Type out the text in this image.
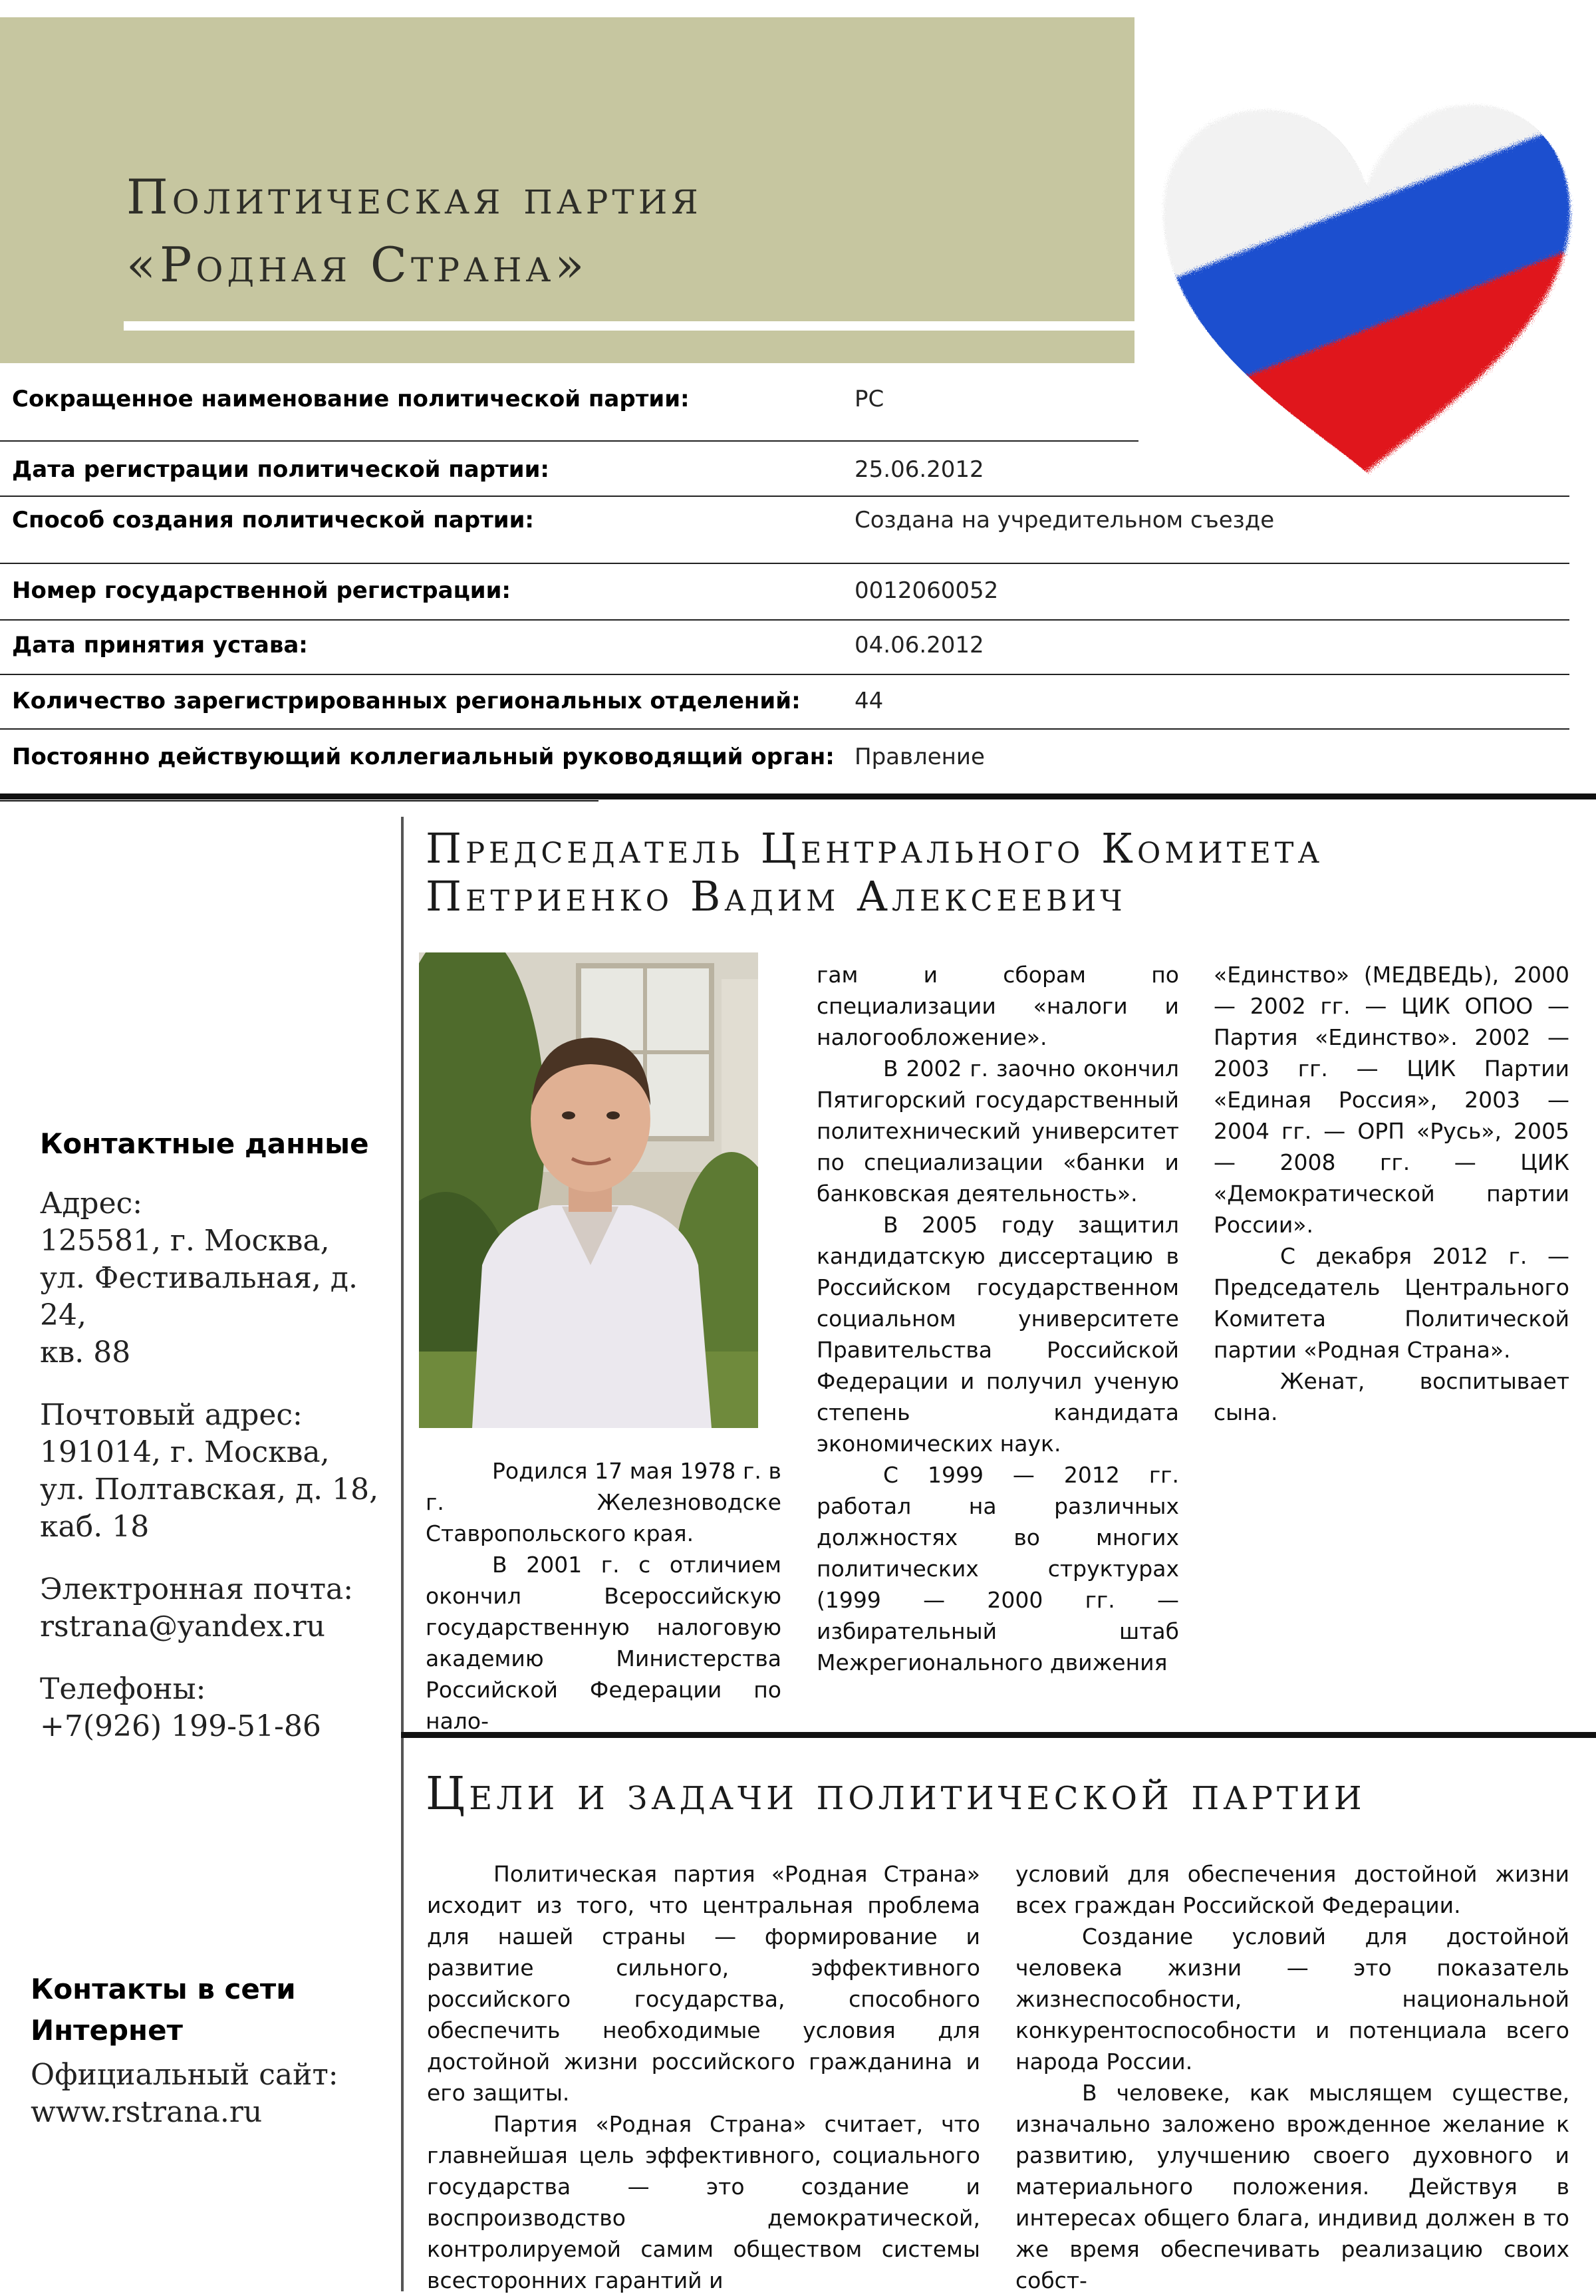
Политическая партия
«Родная Страна»
Сокращенное наименование политической партии:	РС
Дата регистрации политической партии:	25.06.2012
Способ создания политической партии:	Создана на учредительном съезде
Номер государственной регистрации:	0012060052
Дата принятия устава:	04.06.2012
Количество зарегистрированных региональных отделений: 44
Постоянно действующий коллегиальный руководящий орган: Правление
Контактные данные
Адрес:
125581, г. Москва,
ул. Фестивальная, д. 24,
кв. 88
Почтовый адрес:
191014, г. Москва,
ул. Полтавская, д. 18,
каб. 18
Электронная почта:
rstrana@yandex.ru
Телефоны:
+7(926) 199-51-86
Контакты в сети
Интернет
Официальный сайт:
www.rstrana.ru
Председатель Центрального Комитета
Петриенко Вадим Алексеевич

Родился 17 мая 1978 г. в г. Железноводске Ставропольского края.

В 2001 г. с отличием окончил Всероссийскую государственную налоговую академию Министерства Российской Федерации по нало-

гам и сборам по специализации «налоги и налогообложение».

В 2002 г. заочно окончил Пятигорский государственный политехнический университет по специализации «банки и банковская деятельность».

В 2005 году защитил кандидатскую диссертацию в Российском государственном социальном университете Правительства Российской Федерации и получил ученую степень кандидата экономических наук.

С 1999 — 2012 гг. работал на различных должностях во многих политических структурах (1999 — 2000 гг. — избирательный штаб Межрегионального движения

«Единство» (МЕДВЕДЬ), 2000 — 2002 гг. — ЦИК ОПОО — Партия «Единство». 2002 — 2003 гг. — ЦИК Партии «Единая Россия», 2003 — 2004 гг. — ОРП «Русь», 2005 — 2008 гг. — ЦИК «Демократической партии России».

С декабря 2012 г. — Председатель Центрального Комитета Политической партии «Родная Страна».

Женат, воспитывает сына.

Цели и задачи политической партии

Политическая партия «Родная Страна» исходит из того, что центральная проблема для нашей страны — формирование и развитие сильного, эффективного российского государства, способного обеспечить необходимые условия для достойной жизни российского гражданина и его защиты.

Партия «Родная Страна» считает, что главнейшая цель эффективного, социального государства — это создание и воспроизводство демократической, контролируемой самим обществом системы всесторонних гарантий и

условий для обеспечения достойной жизни всех граждан Российской Федерации.

Создание условий для достойной человека жизни — это показатель жизнеспособности, национальной конкурентоспособности и потенциала всего народа России.

В человеке, как мыслящем существе, изначально заложено врожденное желание к развитию, улучшению своего духовного и материального положения. Действуя в интересах общего блага, индивид должен в то же время обеспечивать реализацию своих собст-
